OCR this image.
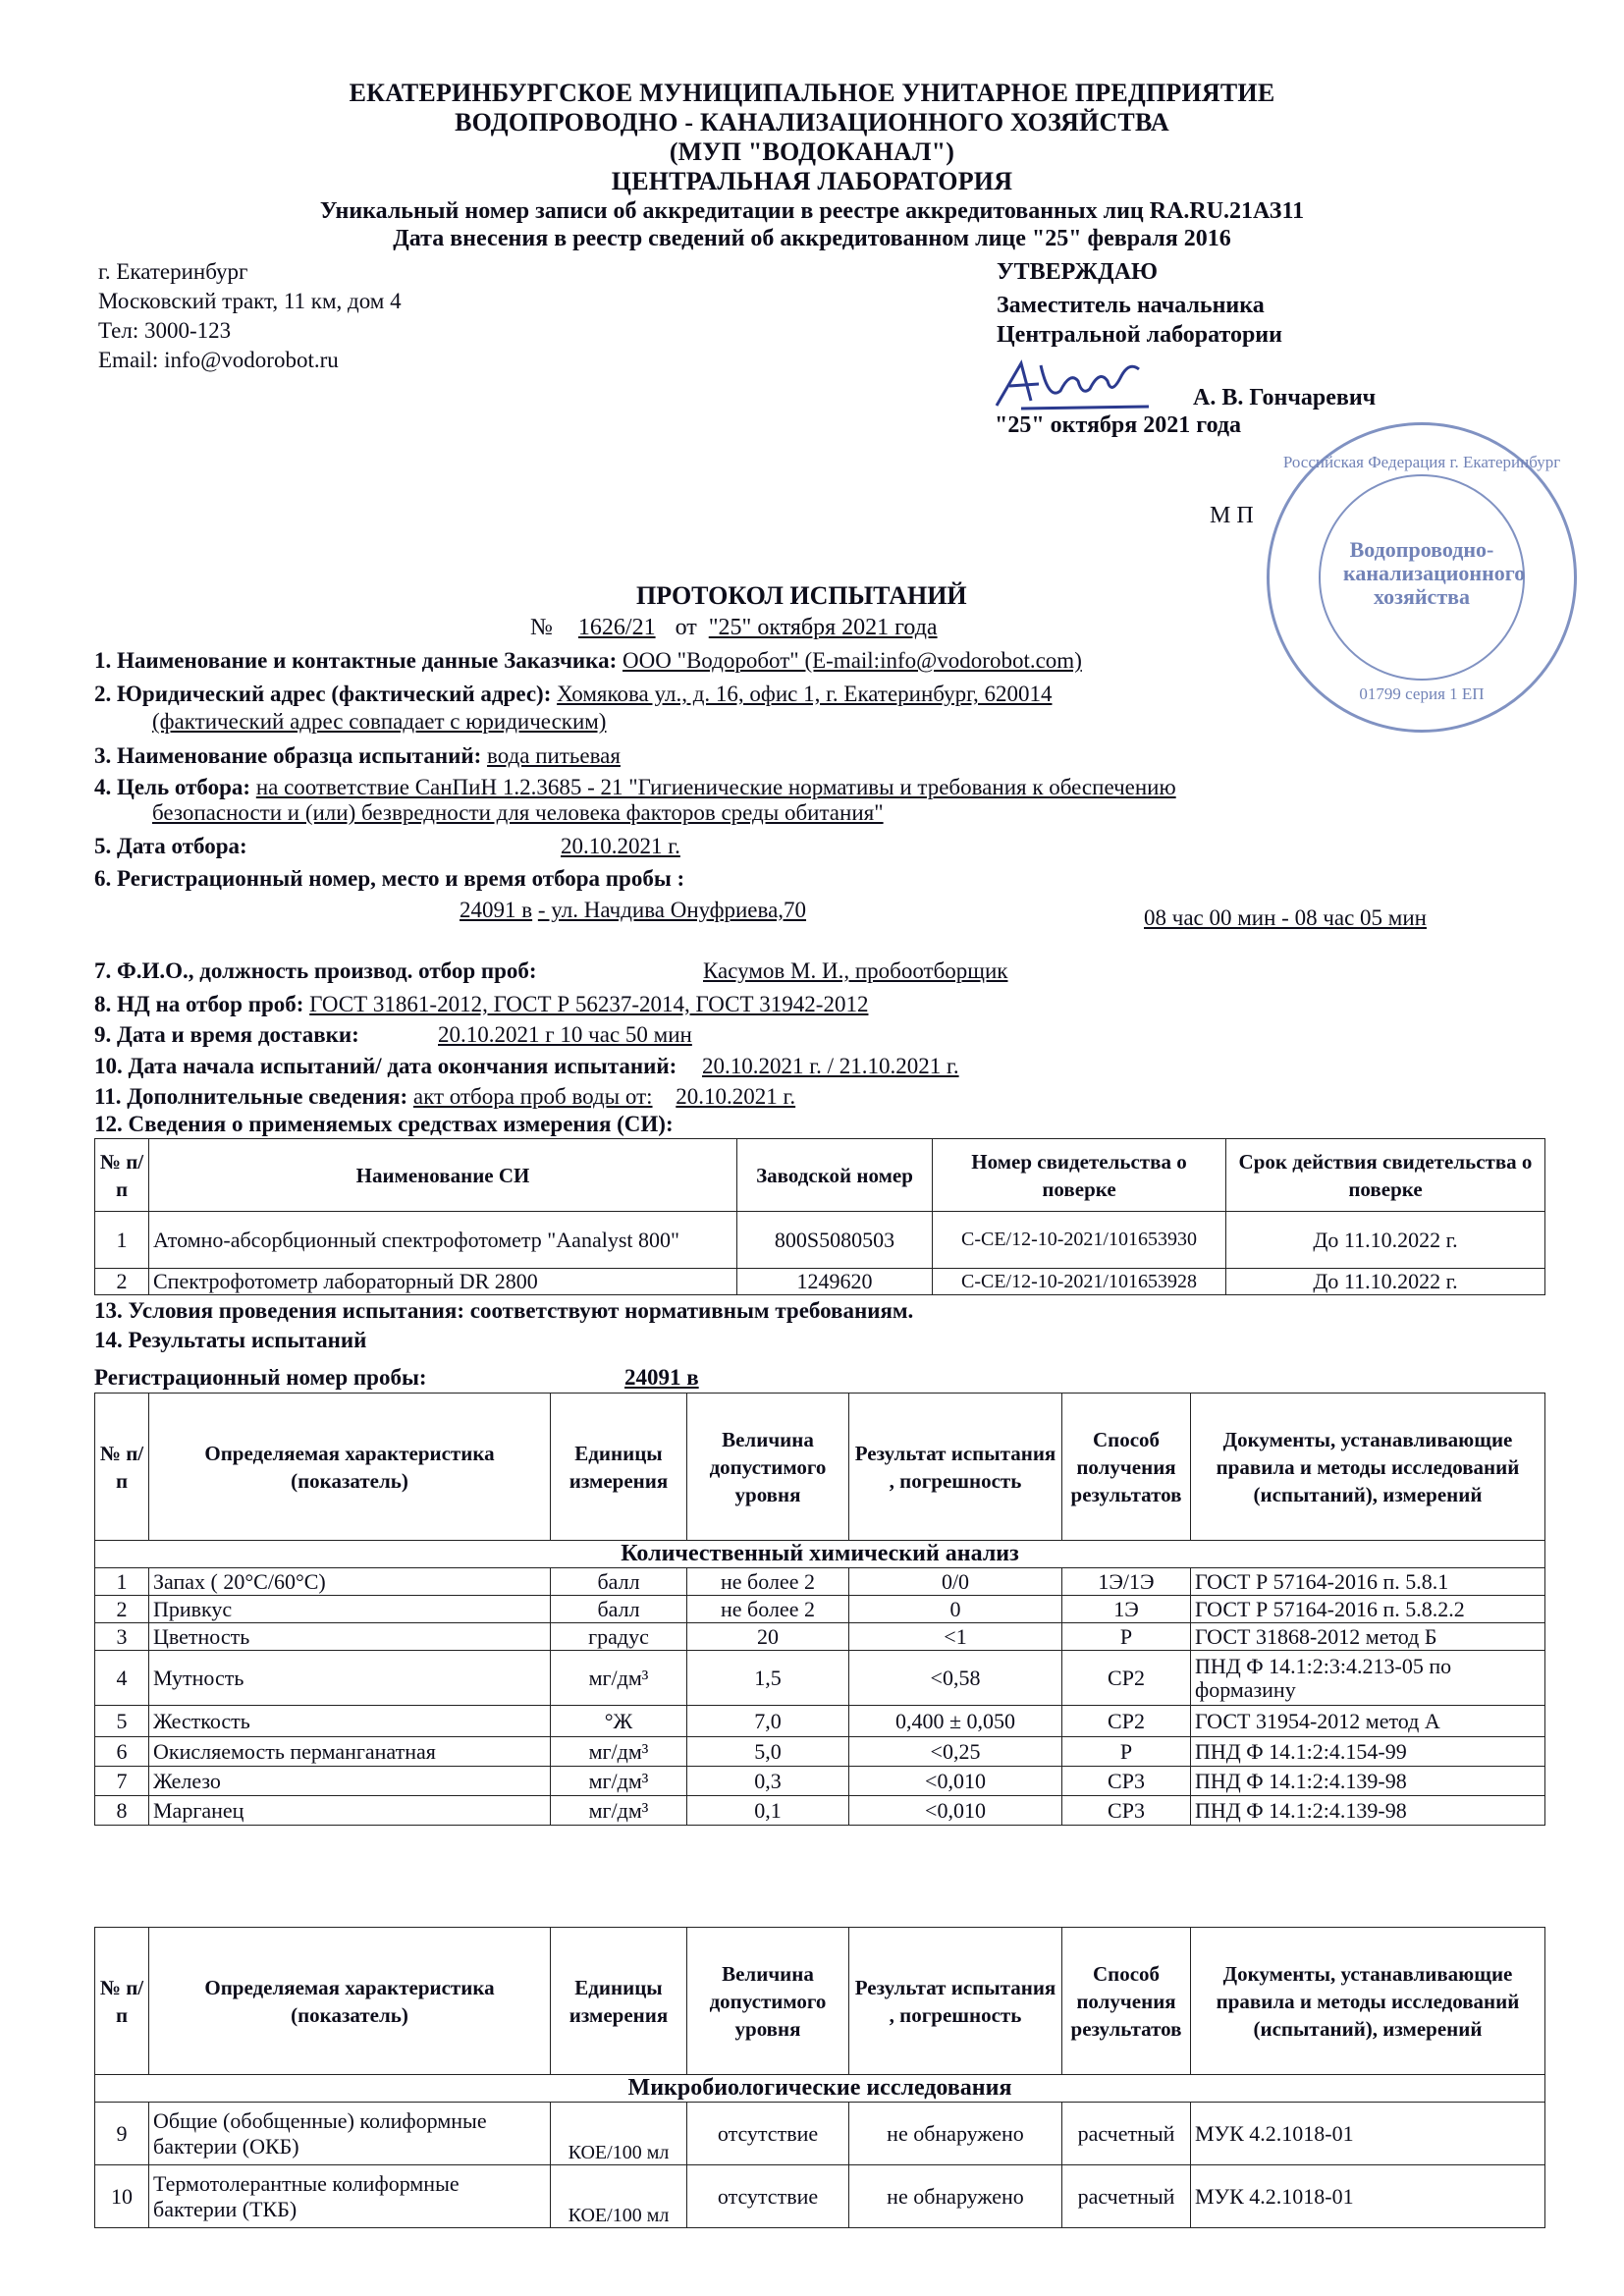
ЕКАТЕРИНБУРГСКОЕ МУНИЦИПАЛЬНОЕ УНИТАРНОЕ ПРЕДПРИЯТИЕ
ВОДОПРОВОДНО - КАНАЛИЗАЦИОННОГО ХОЗЯЙСТВА
(МУП "ВОДОКАНАЛ")
ЦЕНТРАЛЬНАЯ ЛАБОРАТОРИЯ
Уникальный номер записи об аккредитации в реестре аккредитованных лиц RA.RU.21АЗ11
Дата внесения в реестр сведений об аккредитованном лице "25" февраля 2016
г. Екатеринбург
Московский тракт, 11 км, дом 4
Тел: 3000-123
Email: info@vodorobot.ru
УТВЕРЖДАЮ
Заместитель начальника
Центральной лаборатории
А. В. Гончаревич
"25" октября 2021 года
М П
Российская Федерация г. Екатеринбург
Водопроводно-канализационного хозяйства
01799 серия 1 ЕП
ПРОТОКОЛ ИСПЫТАНИЙ
№ 1626/21 от "25" октября 2021 года
1. Наименование и контактные данные Заказчика: ООО "Водоробот" (E-mail:info@vodorobot.com)
2. Юридический адрес (фактический адрес): Хомякова ул., д. 16, офис 1, г. Екатеринбург, 620014
(фактический адрес совпадает с юридическим)
3. Наименование образца испытаний: вода питьевая
4. Цель отбора: на соответствие СанПиН 1.2.3685 - 21 "Гигиенические нормативы и требования к обеспечению
безопасности и (или) безвредности для человека факторов среды обитания"
5. Дата отбора:	20.10.2021 г.
6. Регистрационный номер, место и время отбора пробы :
24091 в - ул. Начдива Онуфриева,70	08 час 00 мин - 08 час 05 мин
7. Ф.И.О., должность производ. отбор проб:	Касумов М. И., пробоотборщик
8. НД на отбор проб: ГОСТ 31861-2012, ГОСТ Р 56237-2014, ГОСТ 31942-2012
9. Дата и время доставки:	20.10.2021 г 10 час 50 мин
10. Дата начала испытаний/ дата окончания испытаний: 20.10.2021 г. / 21.10.2021 г.
11. Дополнительные сведения: акт отбора проб воды от: 20.10.2021 г.
12. Сведения о применяемых средствах измерения (СИ):
№ п/п	Наименование СИ	Заводской номер	Номер свидетельства о поверке	Срок действия свидетельства о поверке
1	Атомно-абсорбционный спектрофотометр "Aanalyst 800"	800S5080503	С-СЕ/12-10-2021/101653930	До 11.10.2022 г.
2	Спектрофотометр лабораторный DR 2800	1249620	С-СЕ/12-10-2021/101653928	До 11.10.2022 г.
13. Условия проведения испытания: соответствуют нормативным требованиям.
14. Результаты испытаний
Регистрационный номер пробы:	24091 в
№ п/п	Определяемая характеристика (показатель)	Единицы измерения	Величина допустимого уровня	Результат испытания , погрешность	Способ получения результатов	Документы, устанавливающие правила и методы исследований (испытаний), измерений
Количественный химический анализ						
1	Запах ( 20°С/60°С)	балл	не более 2	0/0	1Э/1Э	ГОСТ Р 57164-2016 п. 5.8.1
2	Привкус	балл	не более 2	0	1Э	ГОСТ Р 57164-2016 п. 5.8.2.2
3	Цветность	градус	20	<1	Р	ГОСТ 31868-2012 метод Б
4	Мутность	мг/дм³	1,5	<0,58	СР2	ПНД Ф 14.1:2:3:4.213-05 по формазину
5	Жесткость	°Ж	7,0	0,400 ± 0,050	СР2	ГОСТ 31954-2012 метод А
6	Окисляемость перманганатная	мг/дм³	5,0	<0,25	Р	ПНД Ф 14.1:2:4.154-99
7	Железо	мг/дм³	0,3	<0,010	СР3	ПНД Ф 14.1:2:4.139-98
8	Марганец	мг/дм³	0,1	<0,010	СР3	ПНД Ф 14.1:2:4.139-98
№ п/п	Определяемая характеристика (показатель)	Единицы измерения	Величина допустимого уровня	Результат испытания , погрешность	Способ получения результатов	Документы, устанавливающие правила и методы исследований (испытаний), измерений
Микробиологические исследования						
9	Общие (обобщенные) колиформные бактерии (ОКБ)	КОЕ/100 мл	отсутствие	не обнаружено	расчетный	МУК 4.2.1018-01
10	Термотолерантные колиформные бактерии (ТКБ)	КОЕ/100 мл	отсутствие	не обнаружено	расчетный	МУК 4.2.1018-01
